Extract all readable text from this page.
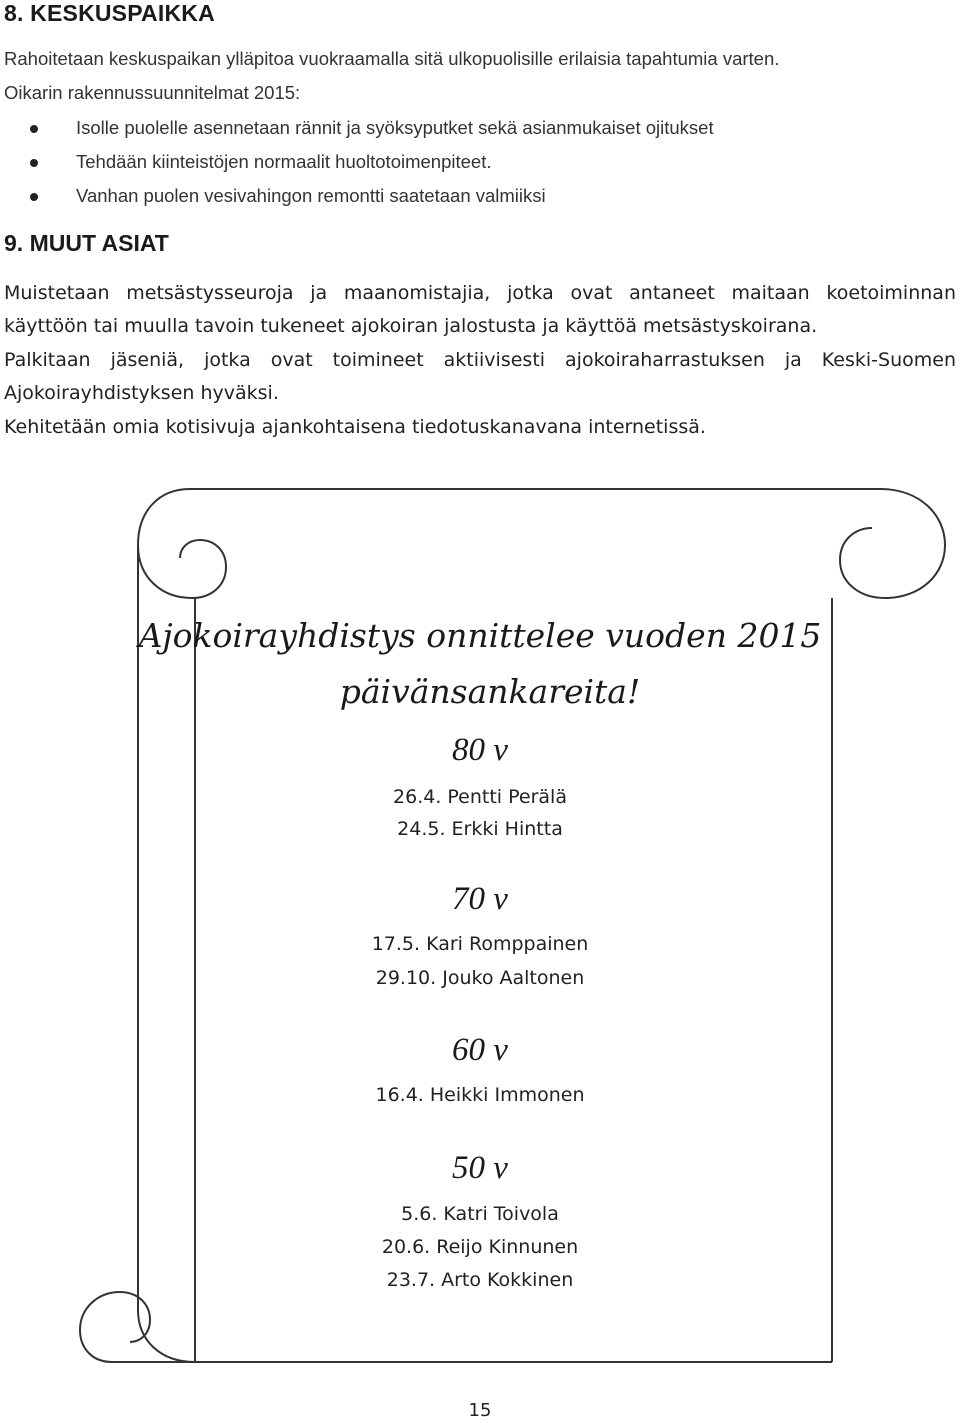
8. KESKUSPAIKKA
Rahoitetaan keskuspaikan ylläpitoa vuokraamalla sitä ulkopuolisille erilaisia tapahtumia varten.
Oikarin rakennussuunnitelmat 2015:
Isolle puolelle asennetaan rännit ja syöksyputket sekä asianmukaiset ojitukset
Tehdään kiinteistöjen normaalit huoltotoimenpiteet.
Vanhan puolen vesivahingon remontti saatetaan valmiiksi
9. MUUT ASIAT
Muistetaan metsästysseuroja ja maanomistajia, jotka ovat antaneet maitaan koetoiminnan
käyttöön tai muulla tavoin tukeneet ajokoiran jalostusta ja käyttöä metsästyskoirana.
Palkitaan jäseniä, jotka ovat toimineet aktiivisesti ajokoiraharrastuksen ja Keski-Suomen
Ajokoirayhdistyksen hyväksi.
Kehitetään omia kotisivuja ajankohtaisena tiedotuskanavana internetissä.
Ajokoirayhdistys onnittelee vuoden 2015
päivänsankareita!
80 v
26.4. Pentti Perälä
24.5. Erkki Hintta
70 v
17.5. Kari Romppainen
29.10. Jouko Aaltonen
60 v
16.4. Heikki Immonen
50 v
5.6. Katri Toivola
20.6. Reijo Kinnunen
23.7. Arto Kokkinen
15
